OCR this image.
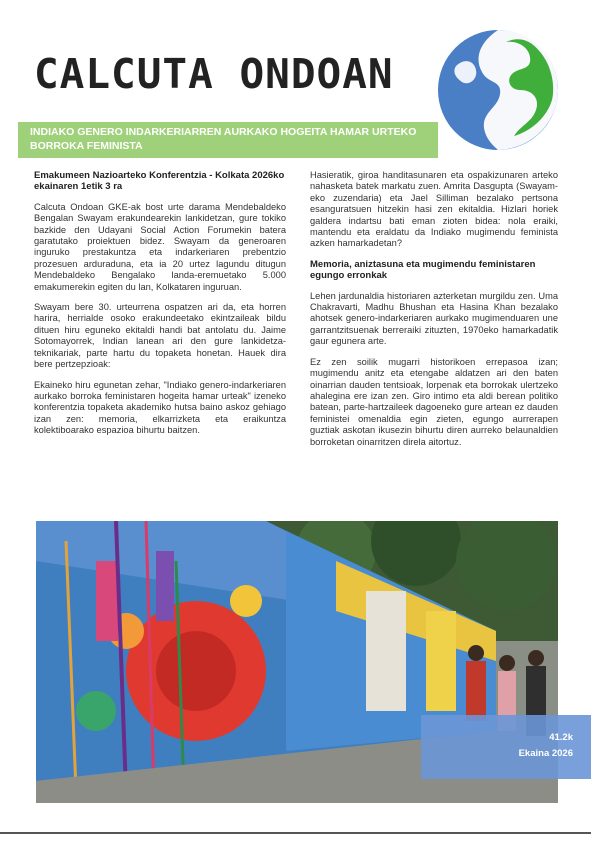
CALCUTA ONDOAN
INDIAKO GENERO INDARKERIARREN AURKAKO HOGEITA HAMAR URTEKO BORROKA FEMINISTA
Emakumeen Nazioarteko Konferentzia - Kolkata 2026ko ekainaren 1etik 3 ra

Calcuta Ondoan GKE-ak bost urte darama Mendebaldeko Bengalan Swayam erakundearekin lankidetzan, gure tokiko bazkide den Udayani Social Action Forumekin batera garatutako proiektuen bidez. Swayam da generoaren inguruko prestakuntza eta indarkeriaren prebentzio prozesuen arduraduna, eta ia 20 urtez lagundu ditugun Mendebaldeko Bengalako landa-eremuetako 5.000 emakumerekin egiten du lan, Kolkataren inguruan.

Swayam bere 30. urteurrena ospatzen ari da, eta horren harira, herrialde osoko erakundeetako ekintzaileak bildu dituen hiru eguneko ekitaldi handi bat antolatu du. Jaime Sotomayorrek, Indian lanean ari den gure lankidetza-teknikariak, parte hartu du topaketa honetan. Hauek dira bere pertzepzioak:

Ekaineko hiru egunetan zehar, "Indiako genero-indarkeriaren aurkako borroka feministaren hogeita hamar urteak" izeneko konferentzia topaketa akademiko hutsa baino askoz gehiago izan zen: memoria, elkarrizketa eta eraikuntza kolektiboarako espazioa bihurtu baitzen.

Hasieratik, giroa handitasunaren eta ospakizunaren arteko nahasketa batek markatu zuen. Amrita Dasgupta (Swayam-eko zuzendaria) eta Jael Silliman bezalako pertsona esanguratsuen hitzekin hasi zen ekitaldia. Hizlari horiek galdera indartsu bati eman zioten bidea: nola eraiki, mantendu eta eraldatu da Indiako mugimendu feminista azken hamarkadetan?

Memoria, aniztasuna eta mugimendu feministaren egungo erronkak

Lehen jardunaldia historiaren azterketan murgildu zen. Uma Chakravarti, Madhu Bhushan eta Hasina Khan bezalako ahotsek genero-indarkeriaren aurkako mugimenduaren une garrantzitsuenak berreraiki zituzten, 1970eko hamarkadatik gaur egunera arte.

Ez zen soilik mugarri historikoen errepasoa izan; mugimendu anitz eta etengabe aldatzen ari den baten oinarrian dauden tentsioak, lorpenak eta borrokak ulertzeko ahalegina ere izan zen. Giro intimo eta aldi berean politiko batean, parte-hartzaileek dagoeneko gure artean ez dauden feministei omenaldia egin zieten, egungo aurrerapen guztiak askotan ikusezin bihurtu diren aurreko belaunaldien borroketan oinarritzen direla aitortuz.

41.2k
Ekaina 2026
